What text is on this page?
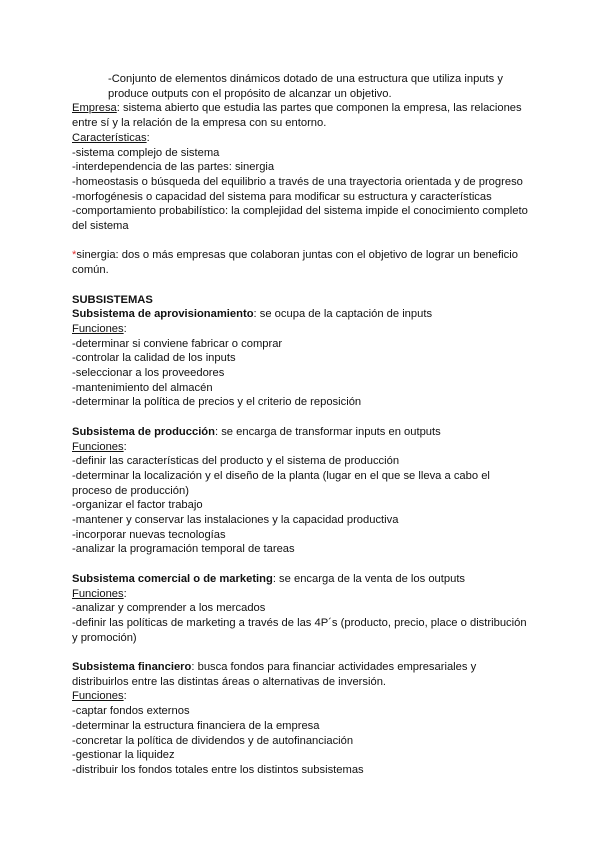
-Conjunto de elementos dinámicos dotado de una estructura que utiliza inputs y
produce outputs con el propósito de alcanzar un objetivo.
Empresa: sistema abierto que estudia las partes que componen la empresa, las relaciones
entre sí y la relación de la empresa con su entorno.
Características:
-sistema complejo de sistema
-interdependencia de las partes: sinergia
-homeostasis o búsqueda del equilibrio a través de una trayectoria orientada y de progreso
-morfogénesis o capacidad del sistema para modificar su estructura y características
-comportamiento probabilístico: la complejidad del sistema impide el conocimiento completo
del sistema
*sinergia: dos o más empresas que colaboran juntas con el objetivo de lograr un beneficio
común.
SUBSISTEMAS
Subsistema de aprovisionamiento: se ocupa de la captación de inputs
Funciones:
-determinar si conviene fabricar o comprar
-controlar la calidad de los inputs
-seleccionar a los proveedores
-mantenimiento del almacén
-determinar la política de precios y el criterio de reposición
Subsistema de producción: se encarga de transformar inputs en outputs
Funciones:
-definir las características del producto y el sistema de producción
-determinar la localización y el diseño de la planta (lugar en el que se lleva a cabo el
proceso de producción)
-organizar el factor trabajo
-mantener y conservar las instalaciones y la capacidad productiva
-incorporar nuevas tecnologías
-analizar la programación temporal de tareas
Subsistema comercial o de marketing: se encarga de la venta de los outputs
Funciones:
-analizar y comprender a los mercados
-definir las políticas de marketing a través de las 4P´s (producto, precio, place o distribución
y promoción)
Subsistema financiero: busca fondos para financiar actividades empresariales y
distribuirlos entre las distintas áreas o alternativas de inversión.
Funciones:
-captar fondos externos
-determinar la estructura financiera de la empresa
-concretar la política de dividendos y de autofinanciación
-gestionar la liquidez
-distribuir los fondos totales entre los distintos subsistemas
